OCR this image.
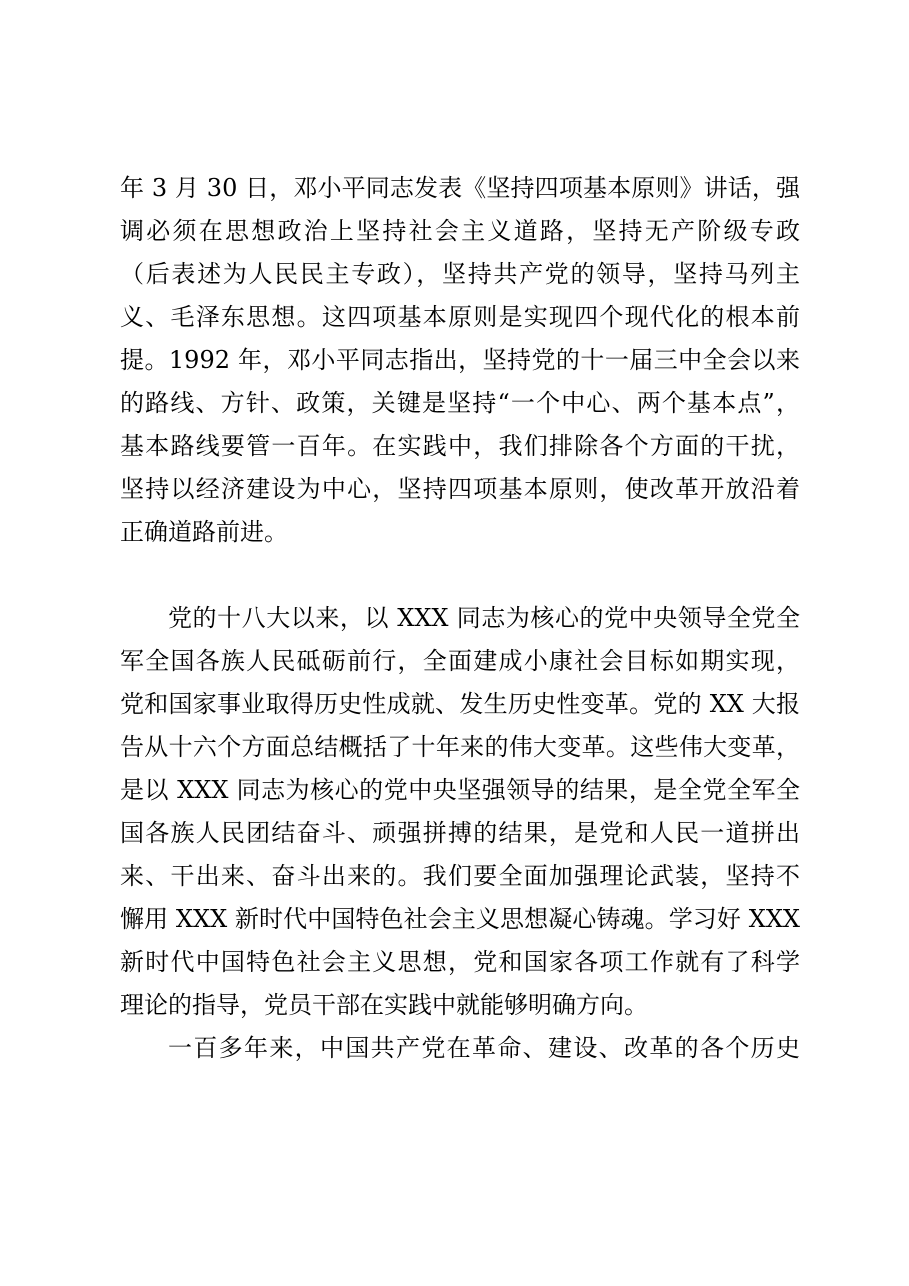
年 3 月 30 日，邓小平同志发表《坚持四项基本原则》讲话，强
调必须在思想政治上坚持社会主义道路，坚持无产阶级专政
（后表述为人民民主专政），坚持共产党的领导，坚持马列主
义、毛泽东思想。这四项基本原则是实现四个现代化的根本前
提。1992 年，邓小平同志指出，坚持党的十一届三中全会以来
的路线、方针、政策，关键是坚持“一个中心、两个基本点”，
基本路线要管一百年。在实践中，我们排除各个方面的干扰，
坚持以经济建设为中心，坚持四项基本原则，使改革开放沿着
正确道路前进。
党的十八大以来，以 XXX 同志为核心的党中央领导全党全
军全国各族人民砥砺前行，全面建成小康社会目标如期实现，
党和国家事业取得历史性成就、发生历史性变革。党的 XX 大报
告从十六个方面总结概括了十年来的伟大变革。这些伟大变革，
是以 XXX 同志为核心的党中央坚强领导的结果，是全党全军全
国各族人民团结奋斗、顽强拼搏的结果，是党和人民一道拼出
来、干出来、奋斗出来的。我们要全面加强理论武装，坚持不
懈用 XXX 新时代中国特色社会主义思想凝心铸魂。学习好 XXX
新时代中国特色社会主义思想，党和国家各项工作就有了科学
理论的指导，党员干部在实践中就能够明确方向。
一百多年来，中国共产党在革命、建设、改革的各个历史
